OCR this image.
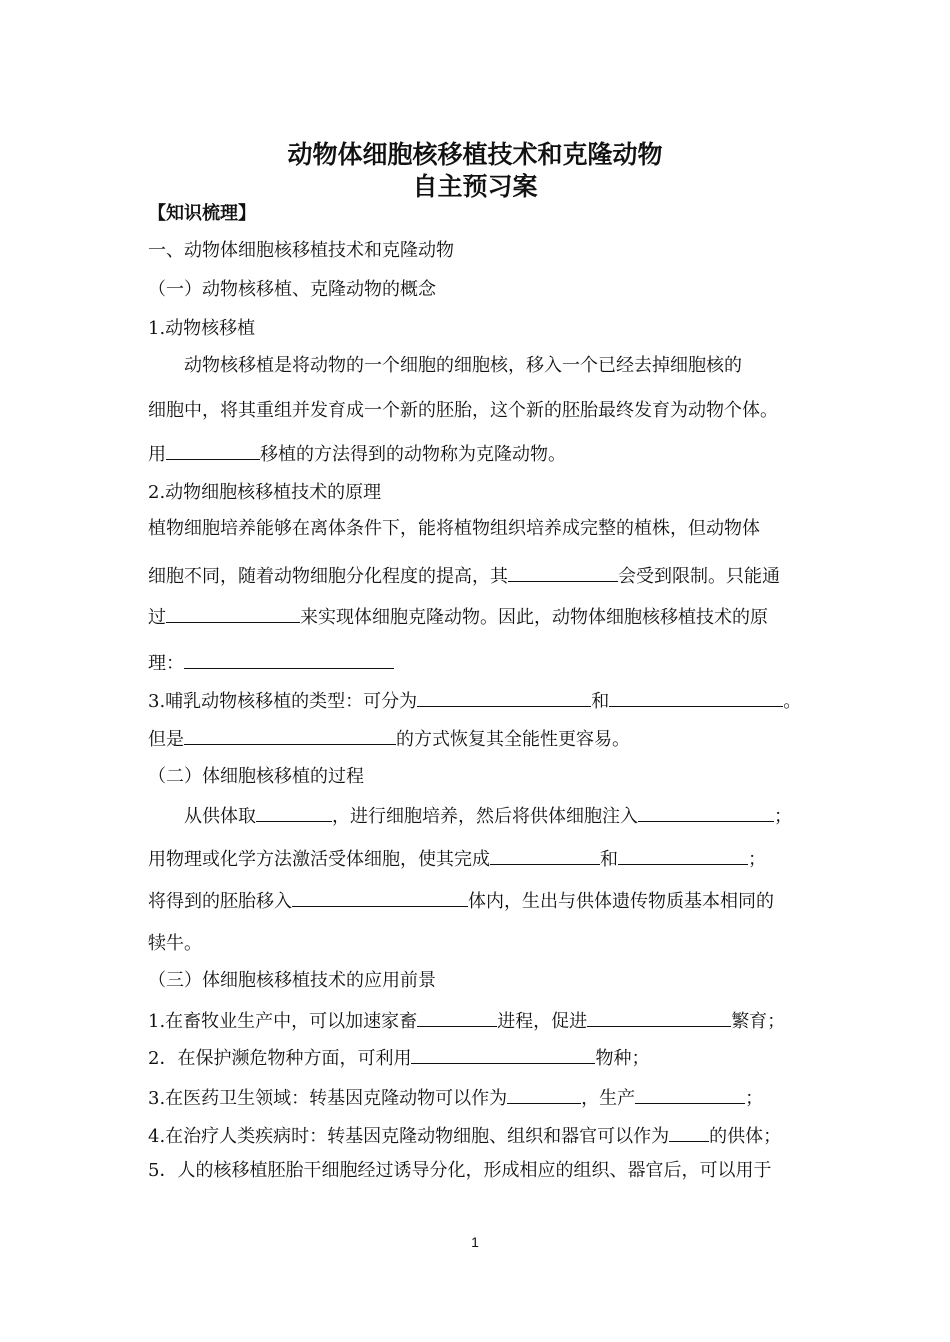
动物体细胞核移植技术和克隆动物
自主预习案
【知识梳理】
一、动物体细胞核移植技术和克隆动物
（一）动物核移植、克隆动物的概念
1.动物核移植
动物核移植是将动物的一个细胞的细胞核，移入一个已经去掉细胞核的
细胞中，将其重组并发育成一个新的胚胎，这个新的胚胎最终发育为动物个体。
用	移植的方法得到的动物称为克隆动物。
2.动物细胞核移植技术的原理
植物细胞培养能够在离体条件下，能将植物组织培养成完整的植株，但动物体
细胞不同，随着动物细胞分化程度的提高，其	会受到限制。只能通
过	来实现体细胞克隆动物。因此，动物体细胞核移植技术的原
理：
3.哺乳动物核移植的类型：可分为	和	。
但是	的方式恢复其全能性更容易。
（二）体细胞核移植的过程
从供体取	，进行细胞培养，然后将供体细胞注入	；
用物理或化学方法激活受体细胞，使其完成	和	；
将得到的胚胎移入	体内，生出与供体遗传物质基本相同的
犊牛。
（三）体细胞核移植技术的应用前景
1.在畜牧业生产中，可以加速家畜	进程，促进	繁育；
2．在保护濒危物种方面，可利用	物种；
3.在医药卫生领域：转基因克隆动物可以作为	，生产	；
4.在治疗人类疾病时：转基因克隆动物细胞、组织和器官可以作为 的供体；
5．人的核移植胚胎干细胞经过诱导分化，形成相应的组织、器官后，可以用于
1
